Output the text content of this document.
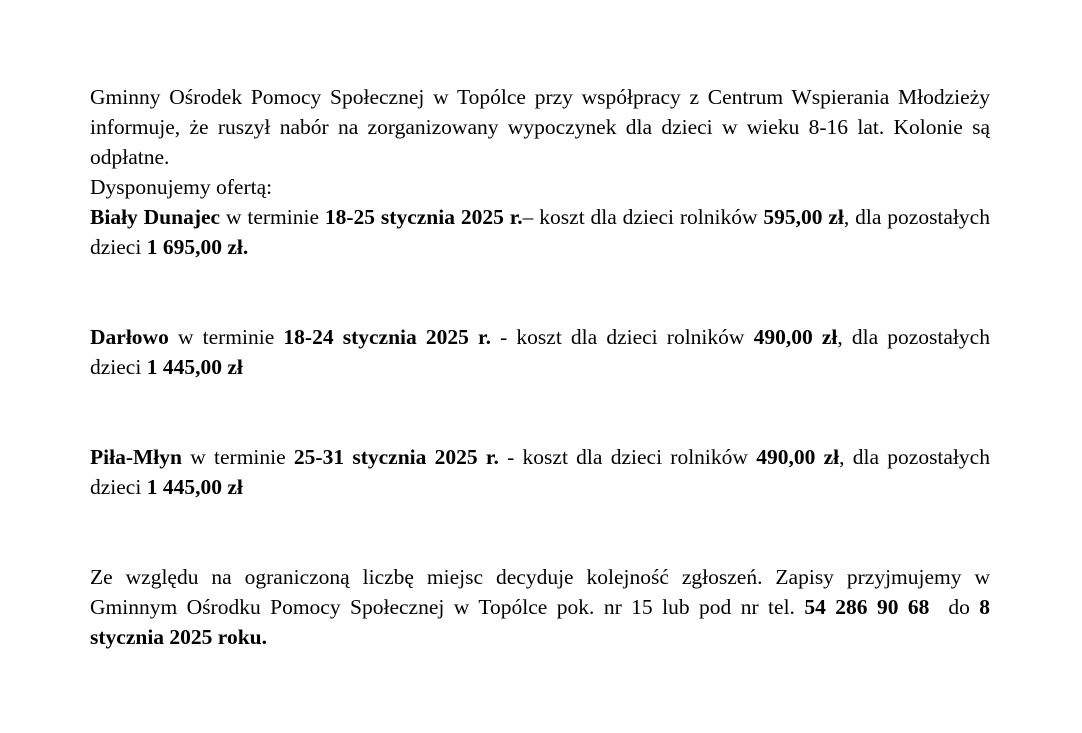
Gminny Ośrodek Pomocy Społecznej w Topólce przy współpracy z Centrum Wspierania Młodzieży informuje, że ruszył nabór na zorganizowany wypoczynek dla dzieci w wieku 8-16 lat. Kolonie są odpłatne.

Dysponujemy ofertą:

Biały Dunajec w terminie 18-25 stycznia 2025 r.– koszt dla dzieci rolników 595,00 zł, dla pozostałych dzieci 1 695,00 zł.

Darłowo w terminie 18-24 stycznia 2025 r. - koszt dla dzieci rolników 490,00 zł, dla pozostałych dzieci 1 445,00 zł

Piła-Młyn w terminie 25-31 stycznia 2025 r. - koszt dla dzieci rolników 490,00 zł, dla pozostałych dzieci 1 445,00 zł

Ze względu na ograniczoną liczbę miejsc decyduje kolejność zgłoszeń. Zapisy przyjmujemy w Gminnym Ośrodku Pomocy Społecznej w Topólce pok. nr 15 lub pod nr tel. 54 286 90 68  do 8 stycznia 2025 roku.
